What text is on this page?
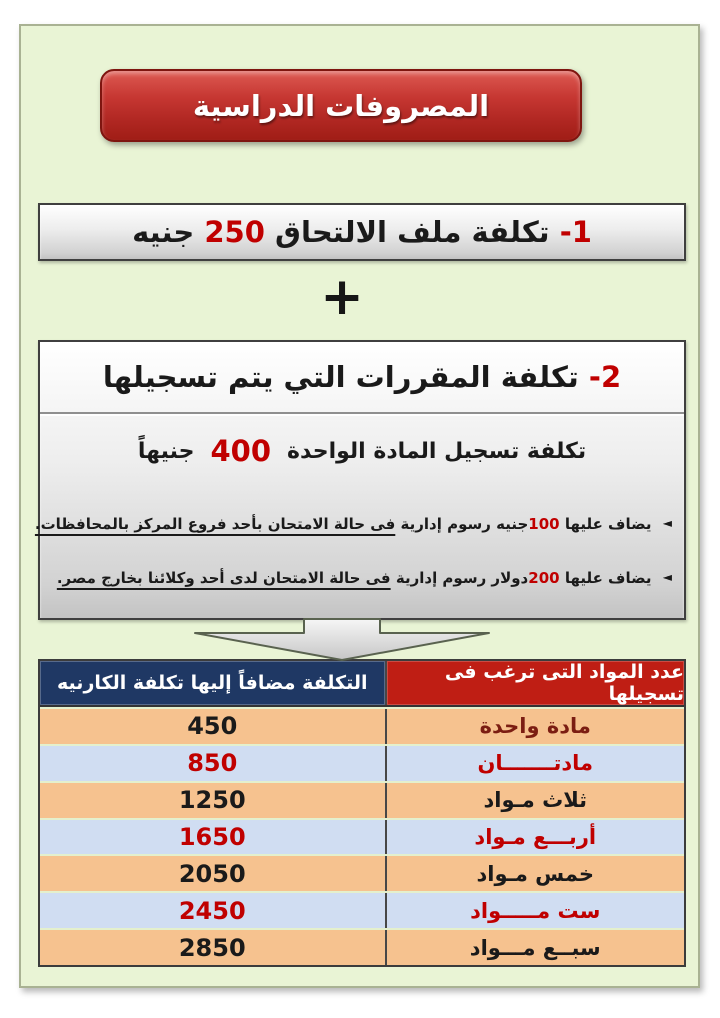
المصروفات الدراسية
1- تكلفة ملف الالتحاق 250 جنيه
+
2-

تكلفة المقررات التي يتم تسجيلها
تكلفة تسجيل المادة الواحدة
400
جنيهاً
◄ يضاف عليها 100جنيه رسوم إدارية فى حالة الامتحان بأحد فروع المركز بالمحافظات.
◄ يضاف عليها 200دولار رسوم إدارية فى حالة الامتحان لدى أحد وكلائنا بخارج مصر.
التكلفة مضافاً إليها تكلفة الكارنيه	عدد المواد التى ترغب فى تسجيلها
450	مادة واحدة
850	مادتـــــــان
1250	ثلاث مـواد
1650	أربـــع مـواد
2050	خمس مـواد
2450	ست مـــــواد
2850	سبــع مـــواد
